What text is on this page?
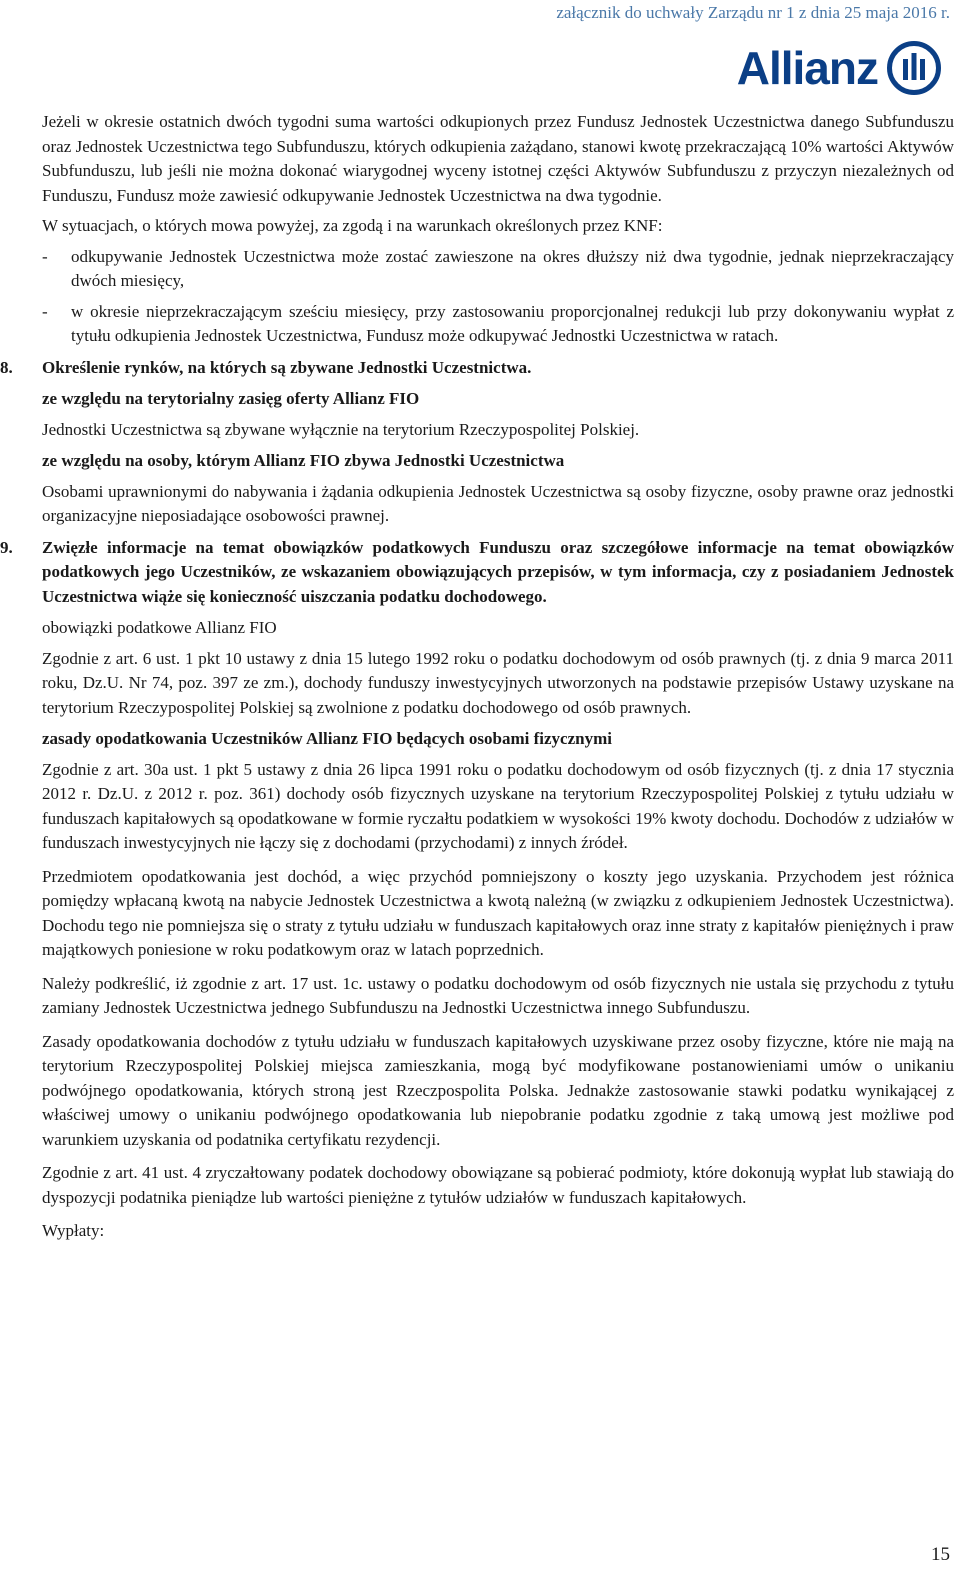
załącznik do uchwały Zarządu nr 1 z dnia 25 maja 2016 r.
Allianz

Jeżeli w okresie ostatnich dwóch tygodni suma wartości odkupionych przez Fundusz Jednostek Uczestnictwa danego Subfunduszu oraz Jednostek Uczestnictwa tego Subfunduszu, których odkupienia zażądano, stanowi kwotę przekraczającą 10% wartości Aktywów Subfunduszu, lub jeśli nie można dokonać wiarygodnej wyceny istotnej części Aktywów Subfunduszu z przyczyn niezależnych od Funduszu, Fundusz może zawiesić odkupywanie Jednostek Uczestnictwa na dwa tygodnie.

W sytuacjach, o których mowa powyżej, za zgodą i na warunkach określonych przez KNF:

-	odkupywanie Jednostek Uczestnictwa może zostać zawieszone na okres dłuższy niż dwa tygodnie, jednak nieprzekraczający dwóch miesięcy,
-	w okresie nieprzekraczającym sześciu miesięcy, przy zastosowaniu proporcjonalnej redukcji lub przy dokonywaniu wypłat z tytułu odkupienia Jednostek Uczestnictwa, Fundusz może odkupywać Jednostki Uczestnictwa w ratach.
8. Określenie rynków, na których są zbywane Jednostki Uczestnictwa.
ze względu na terytorialny zasięg oferty Allianz FIO

Jednostki Uczestnictwa są zbywane wyłącznie na terytorium Rzeczypospolitej Polskiej.

ze względu na osoby, którym Allianz FIO zbywa Jednostki Uczestnictwa

Osobami uprawnionymi do nabywania i żądania odkupienia Jednostek Uczestnictwa są osoby fizyczne, osoby prawne oraz jednostki organizacyjne nieposiadające osobowości prawnej.

9. Zwięzłe informacje na temat obowiązków podatkowych Funduszu oraz szczegółowe informacje na temat obowiązków podatkowych jego Uczestników, ze wskazaniem obowiązujących przepisów, w tym informacja, czy z posiadaniem Jednostek Uczestnictwa wiąże się konieczność uiszczania podatku dochodowego.

obowiązki podatkowe Allianz FIO

Zgodnie z art. 6 ust. 1 pkt 10 ustawy z dnia 15 lutego 1992 roku o podatku dochodowym od osób prawnych (tj. z dnia 9 marca 2011 roku, Dz.U. Nr 74, poz. 397 ze zm.), dochody funduszy inwestycyjnych utworzonych na podstawie przepisów Ustawy uzyskane na terytorium Rzeczypospolitej Polskiej są zwolnione z podatku dochodowego od osób prawnych.

zasady opodatkowania Uczestników Allianz FIO będących osobami fizycznymi

Zgodnie z art. 30a ust. 1 pkt 5 ustawy z dnia 26 lipca 1991 roku o podatku dochodowym od osób fizycznych (tj. z dnia 17 stycznia 2012 r. Dz.U. z 2012 r. poz. 361) dochody osób fizycznych uzyskane na terytorium Rzeczypospolitej Polskiej z tytułu udziału w funduszach kapitałowych są opodatkowane w formie ryczałtu podatkiem w wysokości 19% kwoty dochodu. Dochodów z udziałów w funduszach inwestycyjnych nie łączy się z dochodami (przychodami) z innych źródeł.

Przedmiotem opodatkowania jest dochód, a więc przychód pomniejszony o koszty jego uzyskania. Przychodem jest różnica pomiędzy wpłacaną kwotą na nabycie Jednostek Uczestnictwa a kwotą należną (w związku z odkupieniem Jednostek Uczestnictwa). Dochodu tego nie pomniejsza się o straty z tytułu udziału w funduszach kapitałowych oraz inne straty z kapitałów pieniężnych i praw majątkowych poniesione w roku podatkowym oraz w latach poprzednich.

Należy podkreślić, iż zgodnie z art. 17 ust. 1c. ustawy o podatku dochodowym od osób fizycznych nie ustala się przychodu z tytułu zamiany Jednostek Uczestnictwa jednego Subfunduszu na Jednostki Uczestnictwa innego Subfunduszu.

Zasady opodatkowania dochodów z tytułu udziału w funduszach kapitałowych uzyskiwane przez osoby fizyczne, które nie mają na terytorium Rzeczypospolitej Polskiej miejsca zamieszkania, mogą być modyfikowane postanowieniami umów o unikaniu podwójnego opodatkowania, których stroną jest Rzeczpospolita Polska. Jednakże zastosowanie stawki podatku wynikającej z właściwej umowy o unikaniu podwójnego opodatkowania lub niepobranie podatku zgodnie z taką umową jest możliwe pod warunkiem uzyskania od podatnika certyfikatu rezydencji.

Zgodnie z art. 41 ust. 4 zryczałtowany podatek dochodowy obowiązane są pobierać podmioty, które dokonują wypłat lub stawiają do dyspozycji podatnika pieniądze lub wartości pieniężne z tytułów udziałów w funduszach kapitałowych.

Wypłaty:

15
